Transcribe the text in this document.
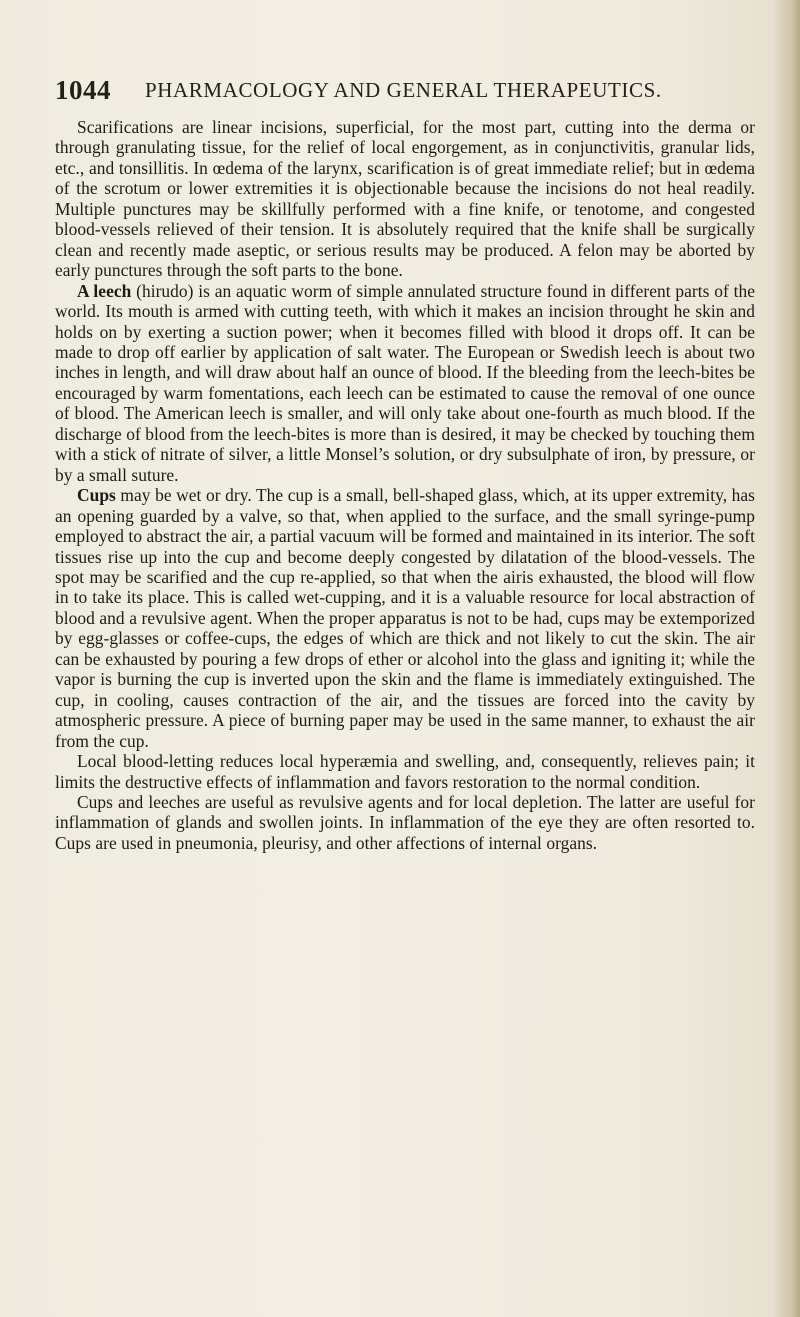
1044 PHARMACOLOGY AND GENERAL THERAPEUTICS.

Scarifications are linear incisions, superficial, for the most part, cutting into the derma or through granulating tissue, for the relief of local engorgement, as in conjunctivitis, granular lids, etc., and tonsillitis. In œdema of the larynx, scarification is of great immediate relief; but in œdema of the scrotum or lower extremities it is objectionable because the incisions do not heal readily. Multiple punctures may be skillfully performed with a fine knife, or tenotome, and congested blood-vessels relieved of their tension. It is absolutely required that the knife shall be surgically clean and recently made aseptic, or serious results may be produced. A felon may be aborted by early punctures through the soft parts to the bone.

A leech (hirudo) is an aquatic worm of simple annulated structure found in different parts of the world. Its mouth is armed with cutting teeth, with which it makes an incision throught he skin and holds on by exerting a suction power; when it becomes filled with blood it drops off. It can be made to drop off earlier by application of salt water. The European or Swedish leech is about two inches in length, and will draw about half an ounce of blood. If the bleeding from the leech-bites be encouraged by warm fomentations, each leech can be estimated to cause the removal of one ounce of blood. The American leech is smaller, and will only take about one-fourth as much blood. If the discharge of blood from the leech-bites is more than is desired, it may be checked by touching them with a stick of nitrate of silver, a little Monsel’s solution, or dry subsulphate of iron, by pressure, or by a small suture.

Cups may be wet or dry. The cup is a small, bell-shaped glass, which, at its upper extremity, has an opening guarded by a valve, so that, when applied to the surface, and the small syringe-pump employed to abstract the air, a partial vacuum will be formed and maintained in its interior. The soft tissues rise up into the cup and become deeply congested by dilatation of the blood-vessels. The spot may be scarified and the cup re-applied, so that when the airis exhausted, the blood will flow in to take its place. This is called wet-cupping, and it is a valuable resource for local abstraction of blood and a revulsive agent. When the proper apparatus is not to be had, cups may be extemporized by egg-glasses or coffee-cups, the edges of which are thick and not likely to cut the skin. The air can be exhausted by pouring a few drops of ether or alcohol into the glass and igniting it; while the vapor is burning the cup is inverted upon the skin and the flame is immediately extinguished. The cup, in cooling, causes contraction of the air, and the tissues are forced into the cavity by atmospheric pressure. A piece of burning paper may be used in the same manner, to exhaust the air from the cup.

Local blood-letting reduces local hyperæmia and swelling, and, consequently, relieves pain; it limits the destructive effects of inflammation and favors restoration to the normal condition.

Cups and leeches are useful as revulsive agents and for local depletion. The latter are useful for inflammation of glands and swollen joints. In inflammation of the eye they are often resorted to. Cups are used in pneumonia, pleurisy, and other affections of internal organs.
